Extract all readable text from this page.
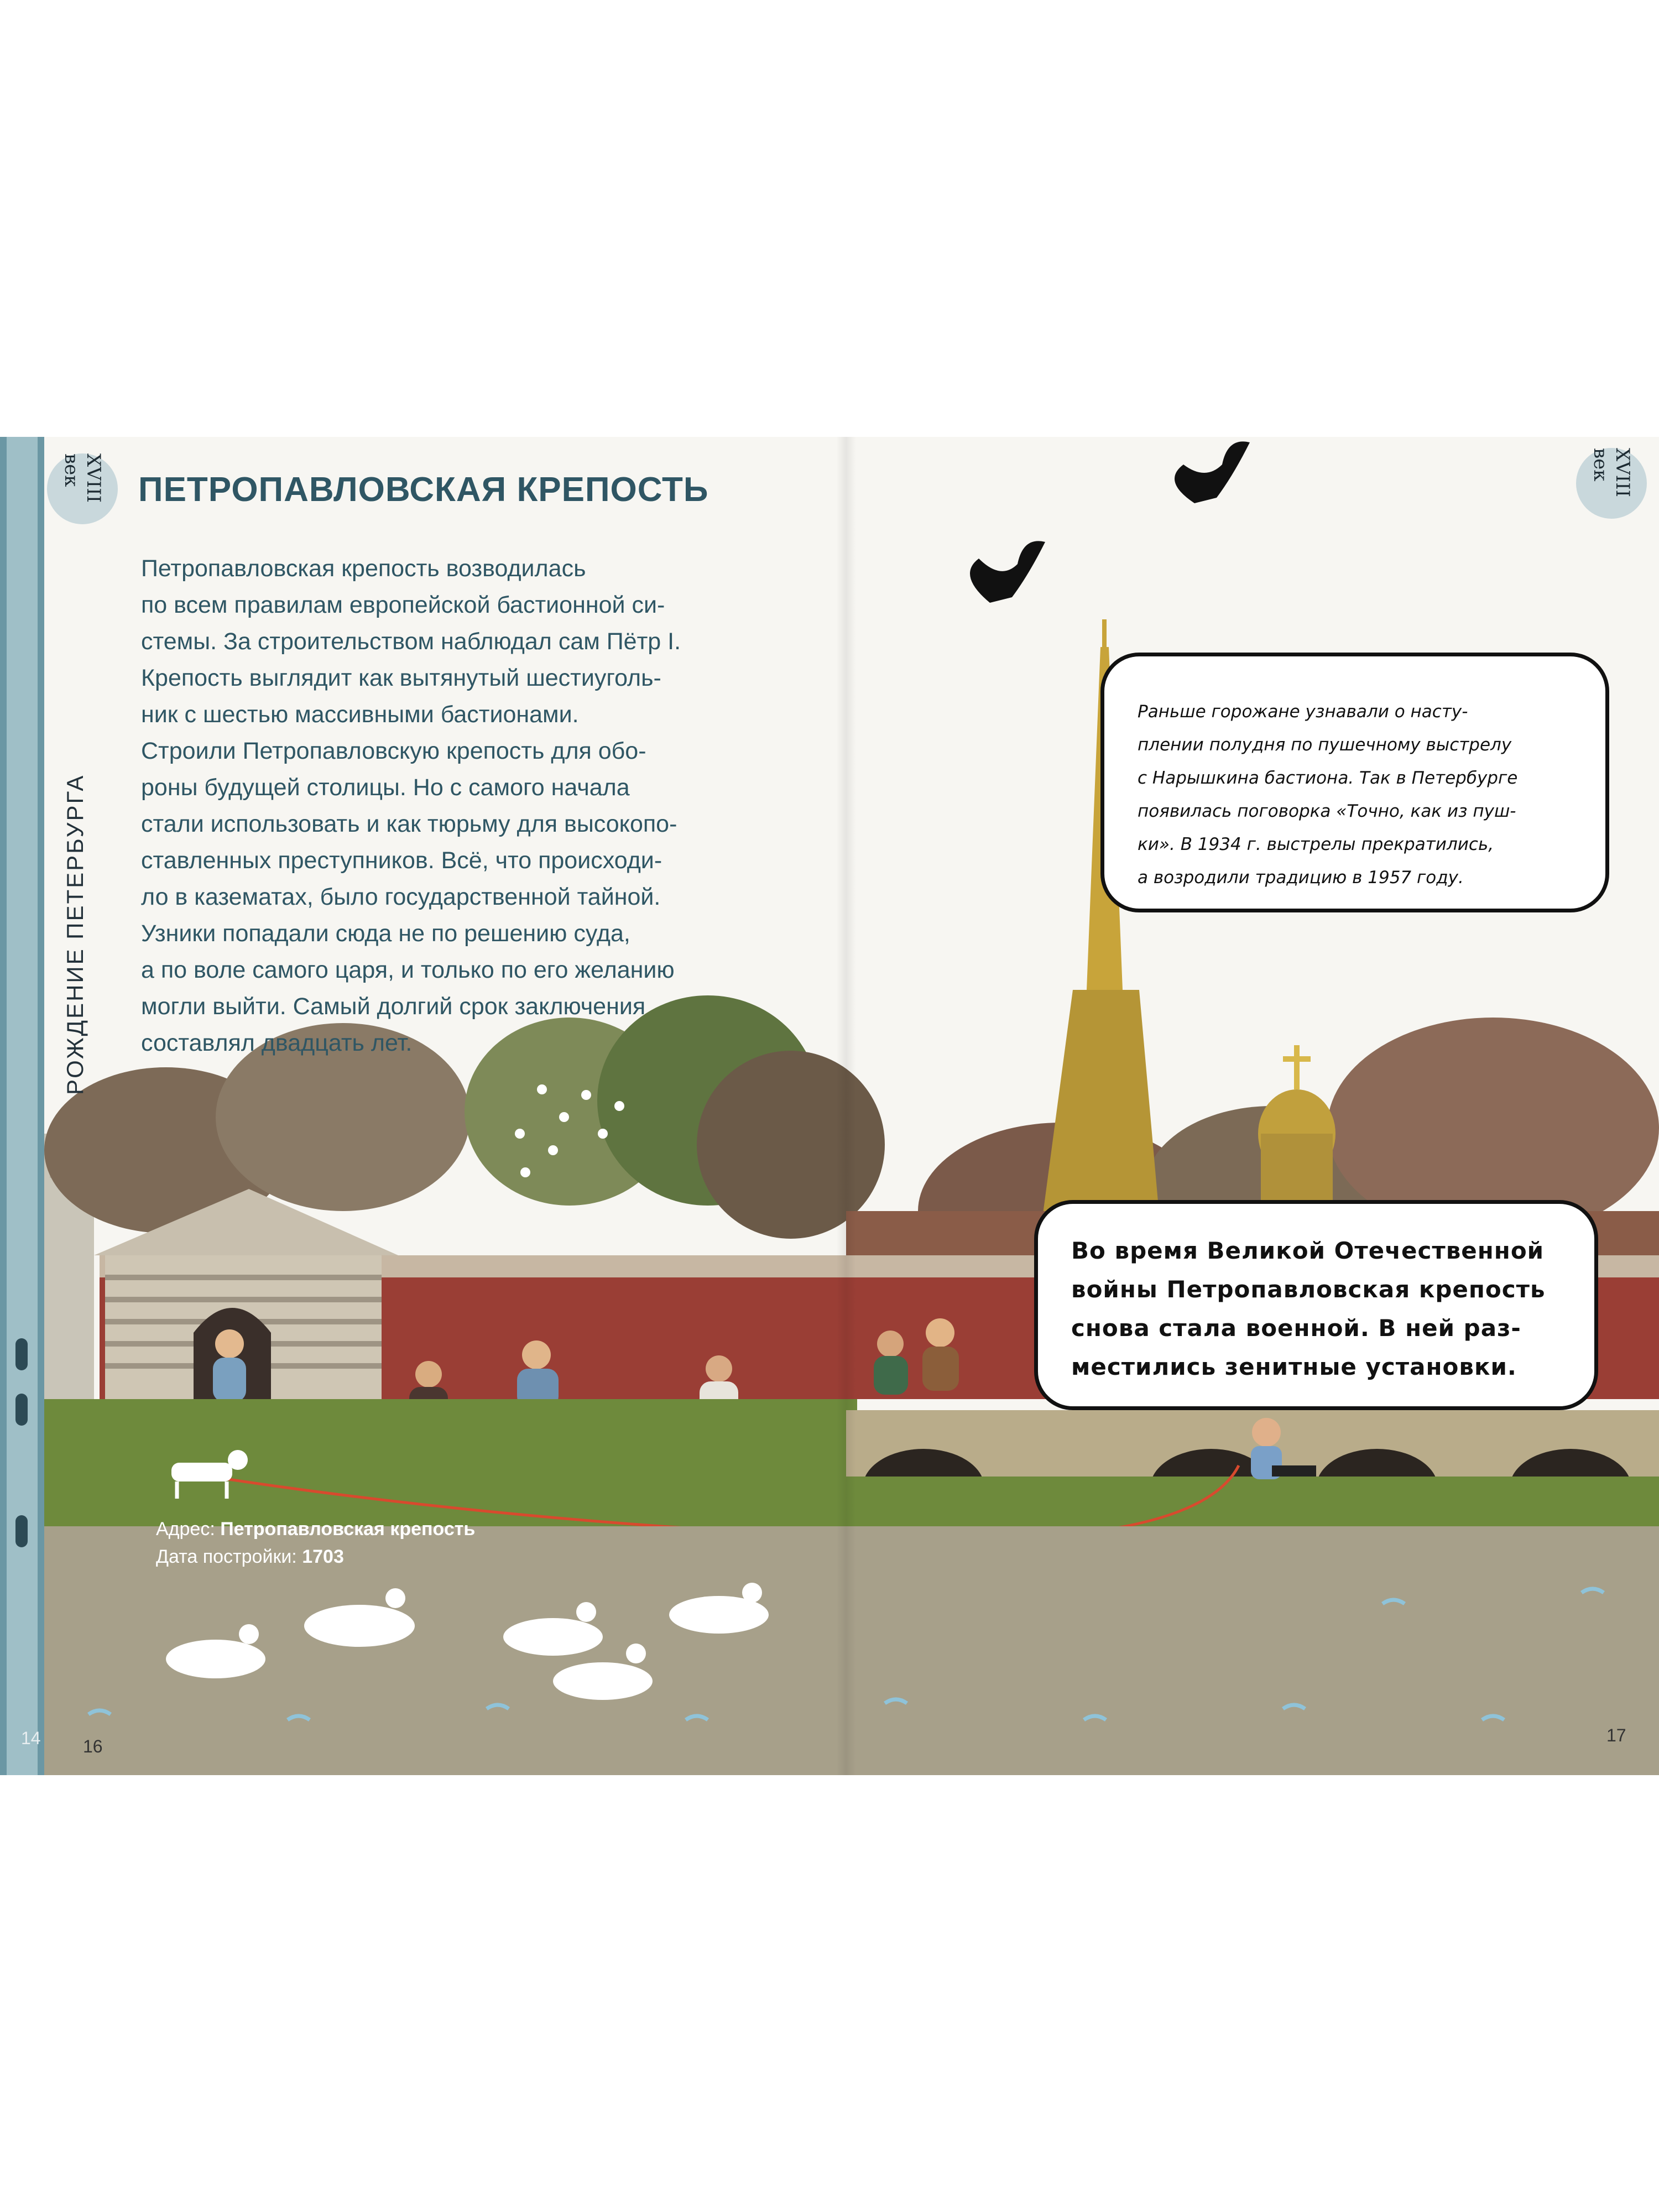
XVIII век
РОЖДЕНИЕ ПЕТЕРБУРГА
ПЕТРОПАВЛОВСКАЯ КРЕПОСТЬ

Петропавловская крепость возводилась
по всем правилам европейской бастионной си-
стемы. За строительством наблюдал сам Пётр I.
Крепость выглядит как вытянутый шестиуголь-
ник с шестью массивными бастионами.
Строили Петропавловскую крепость для обо-
роны будущей столицы. Но с самого начала
стали использовать и как тюрьму для высокопо-
ставленных преступников. Всё, что происходи-
ло в казематах, было государственной тайной.
Узники попадали сюда не по решению суда,
а по воле самого царя, и только по его желанию
могли выйти. Самый долгий срок заключения
составлял двадцать лет.

Адрес: Петропавловская крепость
Дата постройки: 1703
14 16
XVIII век
17

Раньше горожане узнавали о насту-
плении полудня по пушечному выстрелу
с Нарышкина бастиона. Так в Петербурге
появилась поговорка «Точно, как из пуш-
ки». В 1934 г. выстрелы прекратились,
а возродили традицию в 1957 году.

Во время Великой Отечественной
войны Петропавловская крепость
снова стала военной. В ней раз-
местились зенитные установки.
